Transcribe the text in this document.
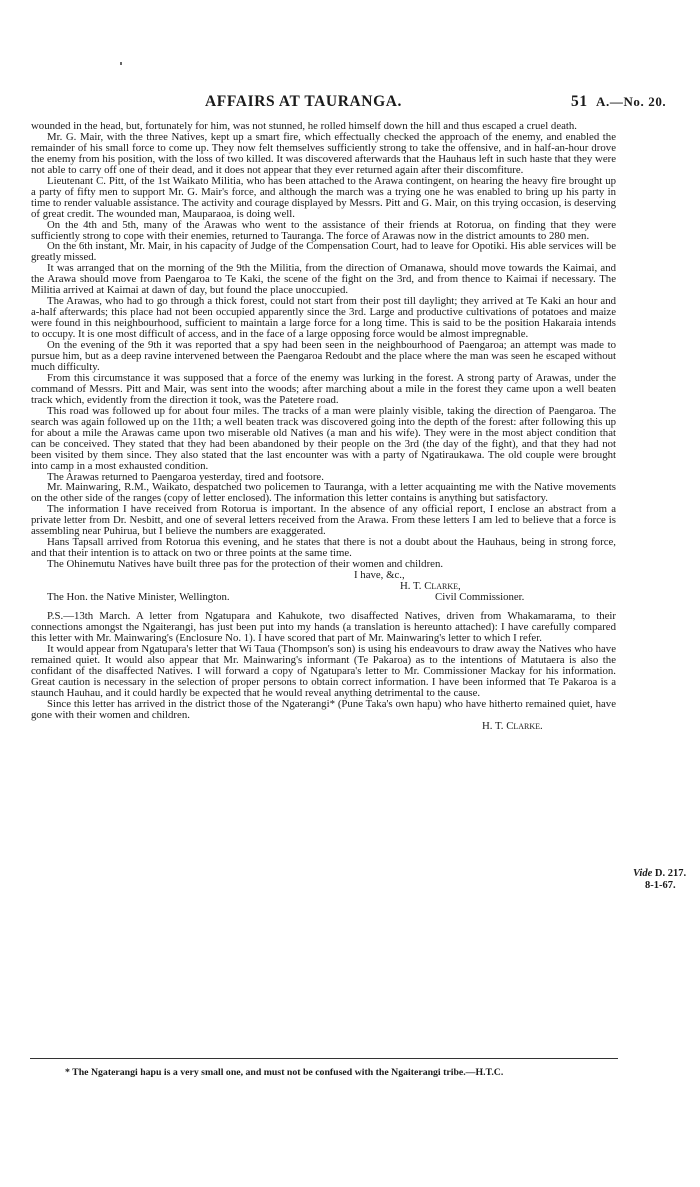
AFFAIRS AT TAURANGA.	51 A.—No. 20.

wounded in the head, but, fortunately for him, was not stunned, he rolled himself down the hill and thus escaped a cruel death.

Mr. G. Mair, with the three Natives, kept up a smart fire, which effectually checked the approach of the enemy, and enabled the remainder of his small force to come up. They now felt themselves sufficiently strong to take the offensive, and in half-an-hour drove the enemy from his position, with the loss of two killed. It was discovered afterwards that the Hauhaus left in such haste that they were not able to carry off one of their dead, and it does not appear that they ever returned again after their discomfiture.

Lieutenant C. Pitt, of the 1st Waikato Militia, who has been attached to the Arawa contingent, on hearing the heavy fire brought up a party of fifty men to support Mr. G. Mair's force, and although the march was a trying one he was enabled to bring up his party in time to render valuable assistance. The activity and courage displayed by Messrs. Pitt and G. Mair, on this trying occasion, is deserving of great credit. The wounded man, Mauparaoa, is doing well.

On the 4th and 5th, many of the Arawas who went to the assistance of their friends at Rotorua, on finding that they were sufficiently strong to cope with their enemies, returned to Tauranga. The force of Arawas now in the district amounts to 280 men.

On the 6th instant, Mr. Mair, in his capacity of Judge of the Compensation Court, had to leave for Opotiki. His able services will be greatly missed.

It was arranged that on the morning of the 9th the Militia, from the direction of Omanawa, should move towards the Kaimai, and the Arawa should move from Paengaroa to Te Kaki, the scene of the fight on the 3rd, and from thence to Kaimai if necessary. The Militia arrived at Kaimai at dawn of day, but found the place unoccupied.

The Arawas, who had to go through a thick forest, could not start from their post till daylight; they arrived at Te Kaki an hour and a-half afterwards; this place had not been occupied apparently since the 3rd. Large and productive cultivations of potatoes and maize were found in this neighbourhood, sufficient to maintain a large force for a long time. This is said to be the position Hakaraia intends to occupy. It is one most difficult of access, and in the face of a large opposing force would be almost impregnable.

On the evening of the 9th it was reported that a spy had been seen in the neighbourhood of Paengaroa; an attempt was made to pursue him, but as a deep ravine intervened between the Paengaroa Redoubt and the place where the man was seen he escaped without much difficulty.

From this circumstance it was supposed that a force of the enemy was lurking in the forest. A strong party of Arawas, under the command of Messrs. Pitt and Mair, was sent into the woods; after marching about a mile in the forest they came upon a well beaten track which, evidently from the direction it took, was the Patetere road.

This road was followed up for about four miles. The tracks of a man were plainly visible, taking the direction of Paengaroa. The search was again followed up on the 11th; a well beaten track was discovered going into the depth of the forest: after following this up for about a mile the Arawas came upon two miserable old Natives (a man and his wife). They were in the most abject condition that can be conceived. They stated that they had been abandoned by their people on the 3rd (the day of the fight), and that they had not been visited by them since. They also stated that the last encounter was with a party of Ngatiraukawa. The old couple were brought into camp in a most exhausted condition.

The Arawas returned to Paengaroa yesterday, tired and footsore.

Mr. Mainwaring, R.M., Waikato, despatched two policemen to Tauranga, with a letter acquainting me with the Native movements on the other side of the ranges (copy of letter enclosed). The information this letter contains is anything but satisfactory.

The information I have received from Rotorua is important. In the absence of any official report, I enclose an abstract from a private letter from Dr. Nesbitt, and one of several letters received from the Arawa. From these letters I am led to believe that a force is assembling near Puhirua, but I believe the numbers are exaggerated.

Hans Tapsall arrived from Rotorua this evening, and he states that there is not a doubt about the Hauhaus, being in strong force, and that their intention is to attack on two or three points at the same time.

The Ohinemutu Natives have built three pas for the protection of their women and children.

I have, &c.,
H. T. Clarke,
The Hon. the Native Minister, Wellington.	Civil Commissioner.

P.S.—13th March. A letter from Ngatupara and Kahukote, two disaffected Natives, driven from Whakamarama, to their connections amongst the Ngaiterangi, has just been put into my hands (a translation is hereunto attached): I have carefully compared this letter with Mr. Mainwaring's (Enclosure No. 1). I have scored that part of Mr. Mainwaring's letter to which I refer.

It would appear from Ngatupara's letter that Wi Taua (Thompson's son) is using his endeavours to draw away the Natives who have remained quiet. It would also appear that Mr. Mainwaring's informant (Te Pakaroa) as to the intentions of Matutaera is also the confidant of the disaffected Natives. I will forward a copy of Ngatupara's letter to Mr. Commissioner Mackay for his information. Great caution is necessary in the selection of proper persons to obtain correct information. I have been informed that Te Pakaroa is a staunch Hauhau, and it could hardly be expected that he would reveal anything detrimental to the cause.

Since this letter has arrived in the district those of the Ngaterangi* (Pune Taka's own hapu) who have hitherto remained quiet, have gone with their women and children.

H. T. Clarke.
Vide D. 217.
8-1-67.
* The Ngaterangi hapu is a very small one, and must not be confused with the Ngaiterangi tribe.—H.T.C.
